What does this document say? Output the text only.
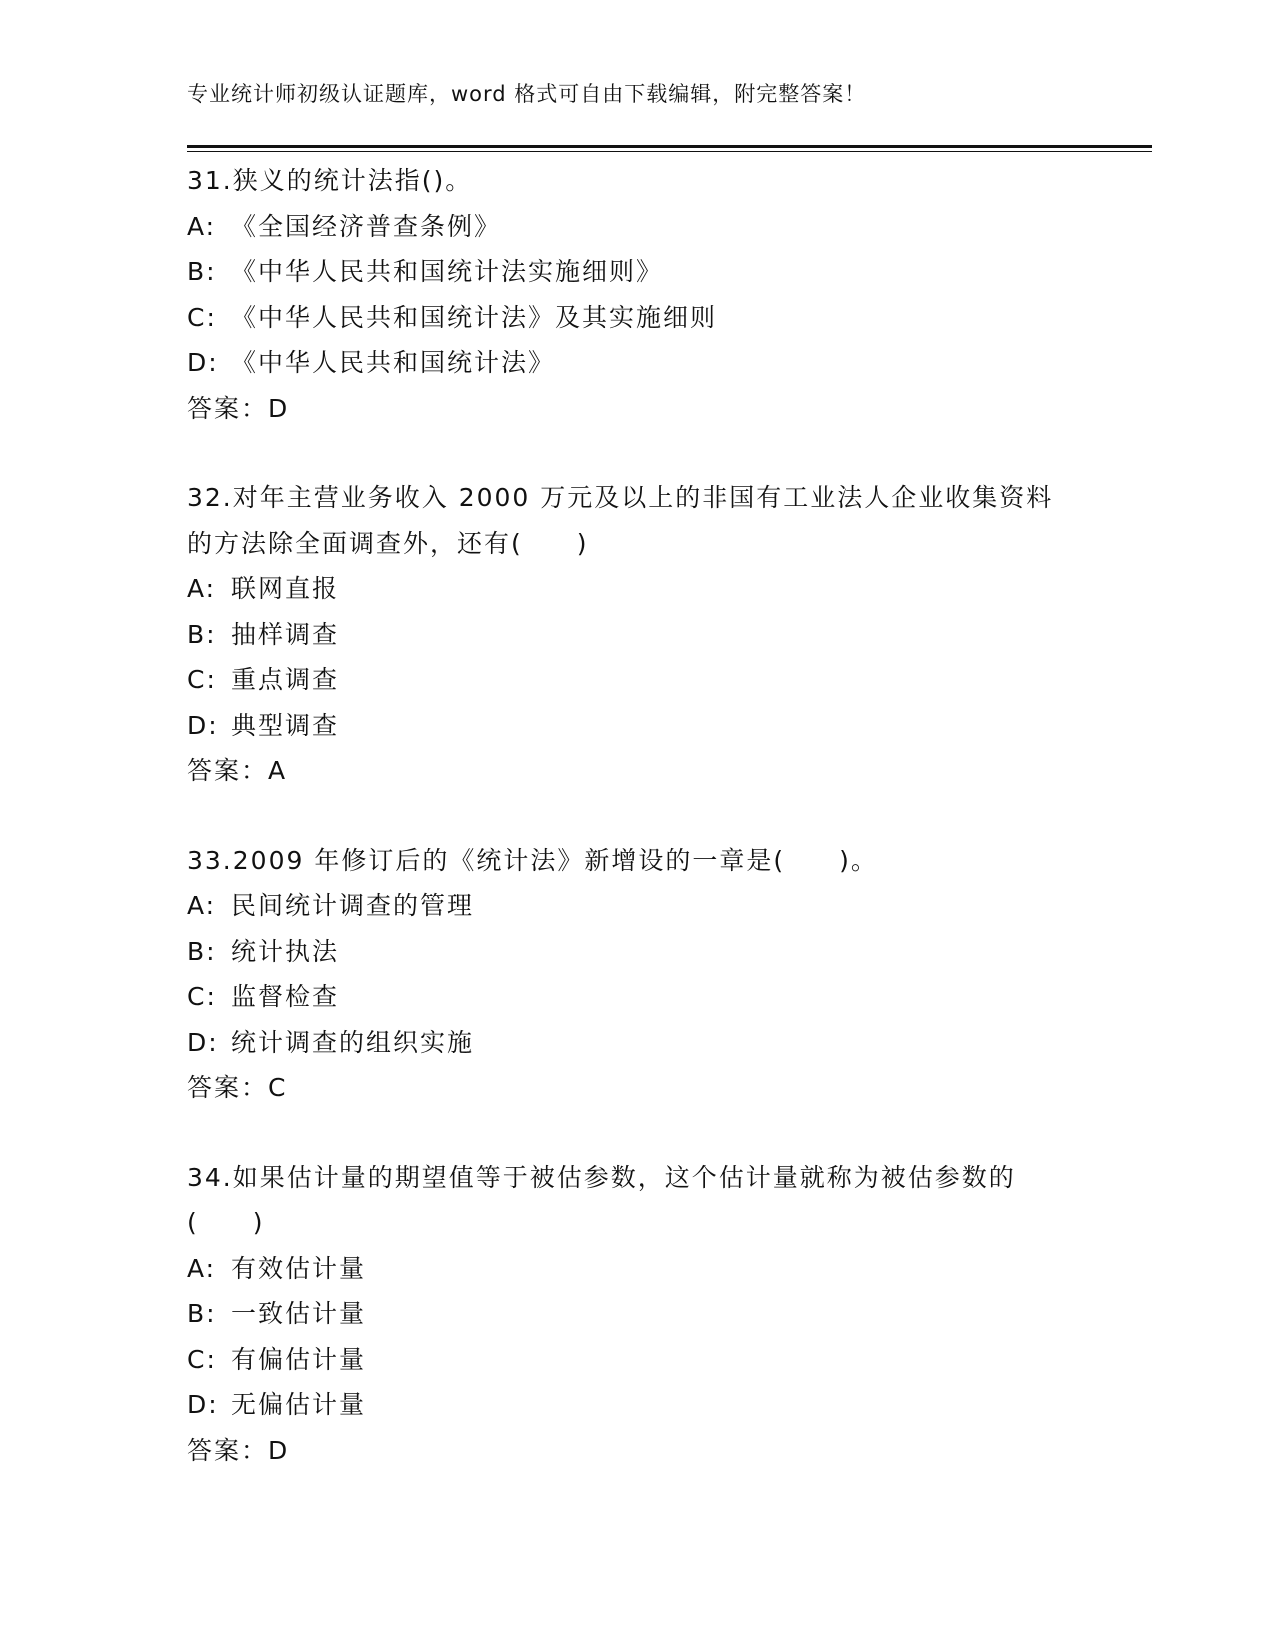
专业统计师初级认证题库，word 格式可自由下载编辑，附完整答案！
31.狭义的统计法指()。
A: 《全国经济普查条例》
B: 《中华人民共和国统计法实施细则》
C: 《中华人民共和国统计法》及其实施细则
D: 《中华人民共和国统计法》
答案：D
32.对年主营业务收入 2000 万元及以上的非国有工业法人企业收集资料的方法除全面调查外，还有(　　)
A: 联网直报
B: 抽样调查
C: 重点调查
D: 典型调查
答案：A
33.2009 年修订后的《统计法》新增设的一章是(　　)。
A: 民间统计调查的管理
B: 统计执法
C: 监督检查
D: 统计调查的组织实施
答案：C
34.如果估计量的期望值等于被估参数，这个估计量就称为被估参数的(　　)
A: 有效估计量
B: 一致估计量
C: 有偏估计量
D: 无偏估计量
答案：D
